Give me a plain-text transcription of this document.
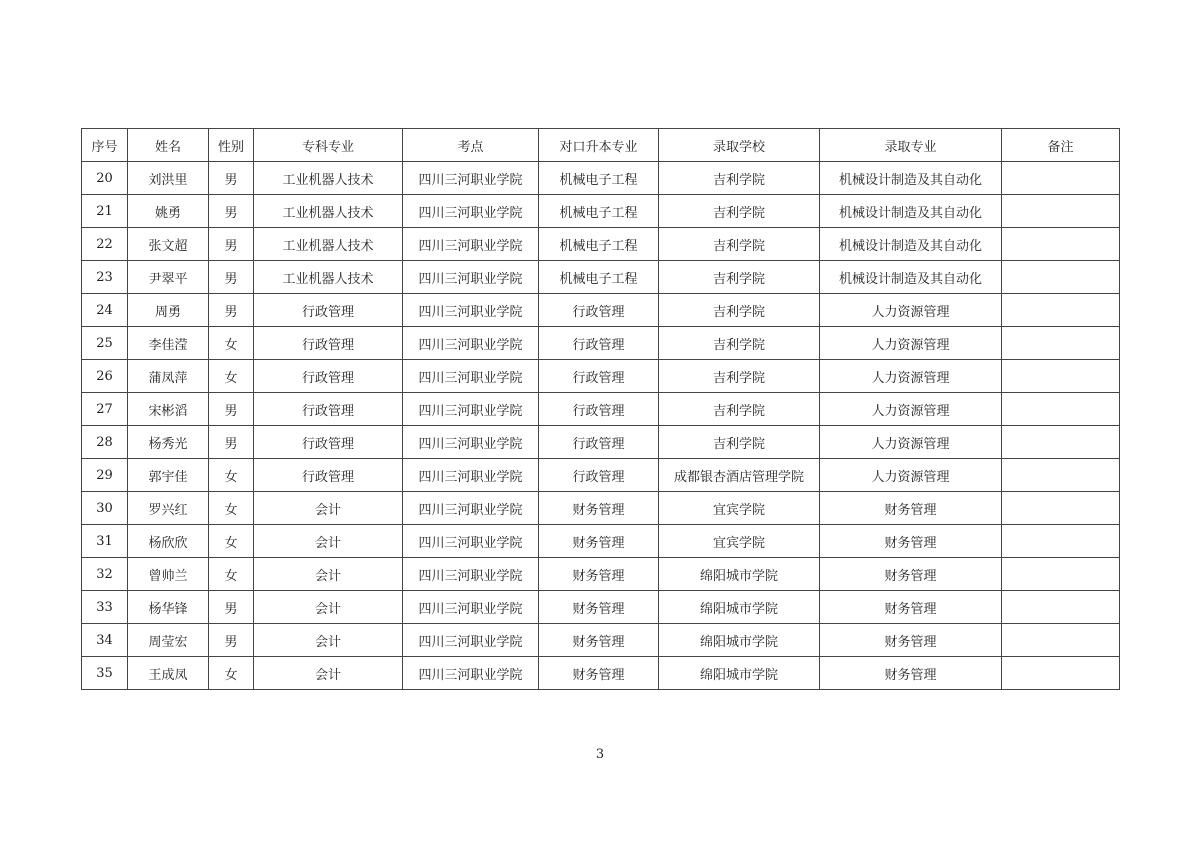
序号	姓名	性别	专科专业	考点	对口升本专业	录取学校	录取专业	备注
20	刘洪里	男	工业机器人技术	四川三河职业学院	机械电子工程	吉利学院	机械设计制造及其自动化	
21	姚勇	男	工业机器人技术	四川三河职业学院	机械电子工程	吉利学院	机械设计制造及其自动化	
22	张文超	男	工业机器人技术	四川三河职业学院	机械电子工程	吉利学院	机械设计制造及其自动化	
23	尹翠平	男	工业机器人技术	四川三河职业学院	机械电子工程	吉利学院	机械设计制造及其自动化	
24	周勇	男	行政管理	四川三河职业学院	行政管理	吉利学院	人力资源管理	
25	李佳滢	女	行政管理	四川三河职业学院	行政管理	吉利学院	人力资源管理	
26	蒲凤萍	女	行政管理	四川三河职业学院	行政管理	吉利学院	人力资源管理	
27	宋彬滔	男	行政管理	四川三河职业学院	行政管理	吉利学院	人力资源管理	
28	杨秀光	男	行政管理	四川三河职业学院	行政管理	吉利学院	人力资源管理	
29	郭宇佳	女	行政管理	四川三河职业学院	行政管理	成都银杏酒店管理学院	人力资源管理	
30	罗兴红	女	会计	四川三河职业学院	财务管理	宜宾学院	财务管理	
31	杨欣欣	女	会计	四川三河职业学院	财务管理	宜宾学院	财务管理	
32	曾帅兰	女	会计	四川三河职业学院	财务管理	绵阳城市学院	财务管理	
33	杨华锋	男	会计	四川三河职业学院	财务管理	绵阳城市学院	财务管理	
34	周莹宏	男	会计	四川三河职业学院	财务管理	绵阳城市学院	财务管理	
35	王成凤	女	会计	四川三河职业学院	财务管理	绵阳城市学院	财务管理	
3
